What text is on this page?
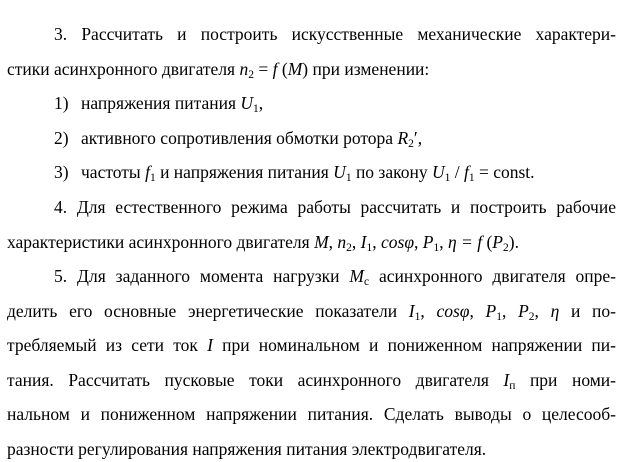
3. Рассчитать и построить искусственные механические характери-
стики асинхронного двигателя $n_2 = f$ (M) при изменении:
1) напряжения питания $U_1$,
2) активного сопротивления обмотки ротора $R_2'$,
3) частоты $f_1$ и напряжения питания $U_1$ по закону $U_1 / f_1$ = const.
4. Для естественного режима работы рассчитать и построить рабочие
характеристики асинхронного двигателя M, $n_2$, $I_1$, cosφ, $P_1$, η = f $(P_2)$.
5. Для заданного момента нагрузки $M_c$ асинхронного двигателя опре-
делить его основные энергетические показатели $I_1$, cosφ, $P_1$, $P_2$, η и по-
требляемый из сети ток I при номинальном и пониженном напряжении пи-
тания. Рассчитать пусковые токи асинхронного двигателя $I_п$ при номи-
нальном и пониженном напряжении питания. Сделать выводы о целесооб-
разности регулирования напряжения питания электродвигателя.
